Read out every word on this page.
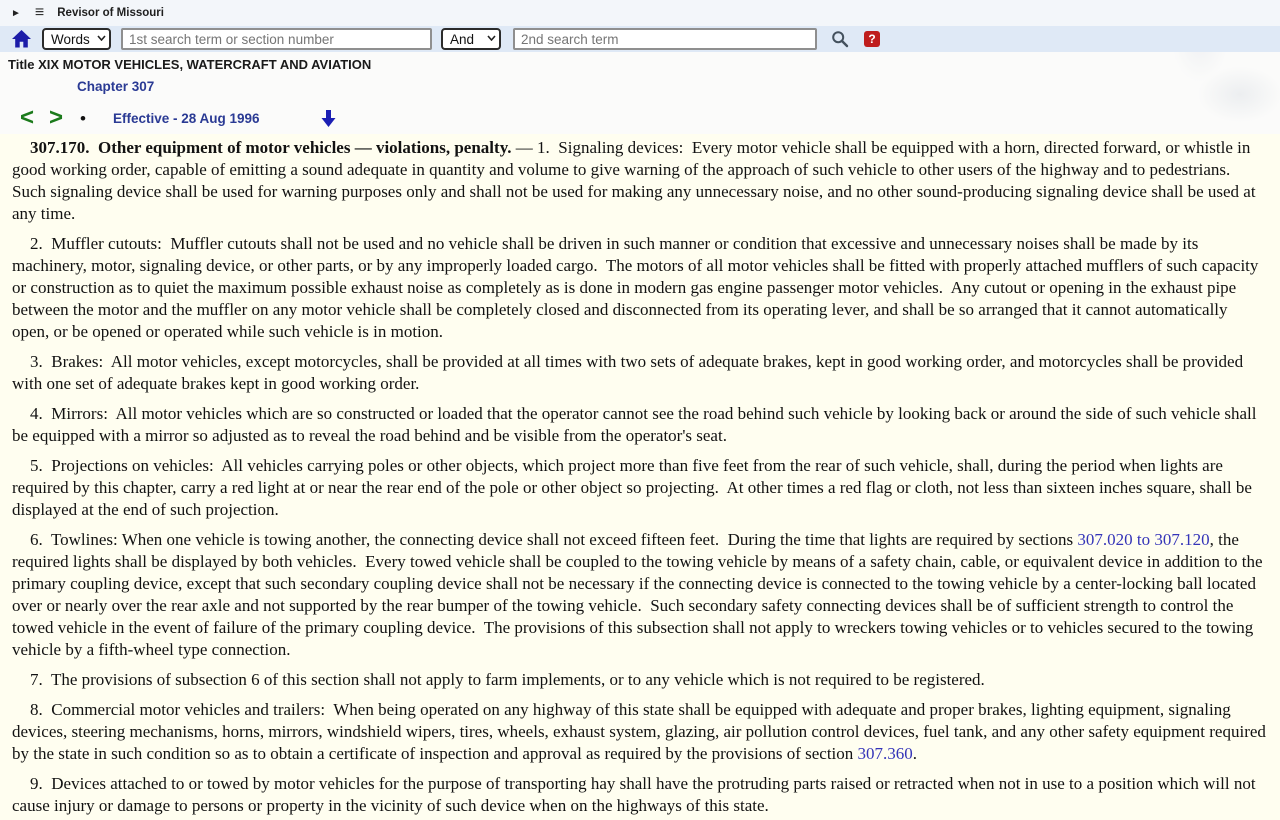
► ≡ Revisor of Missouri
Words
1st search term or section number
And
2nd search term
?
Title XIX MOTOR VEHICLES, WATERCRAFT AND AVIATION
Chapter 307
< > • Effective - 28 Aug 1996

307.170.  Other equipment of motor vehicles — violations, penalty. — 1.  Signaling devices:  Every motor vehicle shall be equipped with a horn, directed forward, or whistle in good working order, capable of emitting a sound adequate in quantity and volume to give warning of the approach of such vehicle to other users of the highway and to pedestrians.  Such signaling device shall be used for warning purposes only and shall not be used for making any unnecessary noise, and no other sound-producing signaling device shall be used at any time.

2.  Muffler cutouts:  Muffler cutouts shall not be used and no vehicle shall be driven in such manner or condition that excessive and unnecessary noises shall be made by its machinery, motor, signaling device, or other parts, or by any improperly loaded cargo.  The motors of all motor vehicles shall be fitted with properly attached mufflers of such capacity or construction as to quiet the maximum possible exhaust noise as completely as is done in modern gas engine passenger motor vehicles.  Any cutout or opening in the exhaust pipe between the motor and the muffler on any motor vehicle shall be completely closed and disconnected from its operating lever, and shall be so arranged that it cannot automatically open, or be opened or operated while such vehicle is in motion.

3.  Brakes:  All motor vehicles, except motorcycles, shall be provided at all times with two sets of adequate brakes, kept in good working order, and motorcycles shall be provided with one set of adequate brakes kept in good working order.

4.  Mirrors:  All motor vehicles which are so constructed or loaded that the operator cannot see the road behind such vehicle by looking back or around the side of such vehicle shall be equipped with a mirror so adjusted as to reveal the road behind and be visible from the operator's seat.

5.  Projections on vehicles:  All vehicles carrying poles or other objects, which project more than five feet from the rear of such vehicle, shall, during the period when lights are required by this chapter, carry a red light at or near the rear end of the pole or other object so projecting.  At other times a red flag or cloth, not less than sixteen inches square, shall be displayed at the end of such projection.

6.  Towlines: When one vehicle is towing another, the connecting device shall not exceed fifteen feet.  During the time that lights are required by sections 307.020 to 307.120, the required lights shall be displayed by both vehicles.  Every towed vehicle shall be coupled to the towing vehicle by means of a safety chain, cable, or equivalent device in addition to the primary coupling device, except that such secondary coupling device shall not be necessary if the connecting device is connected to the towing vehicle by a center-locking ball located over or nearly over the rear axle and not supported by the rear bumper of the towing vehicle.  Such secondary safety connecting devices shall be of sufficient strength to control the towed vehicle in the event of failure of the primary coupling device.  The provisions of this subsection shall not apply to wreckers towing vehicles or to vehicles secured to the towing vehicle by a fifth-wheel type connection.

7.  The provisions of subsection 6 of this section shall not apply to farm implements, or to any vehicle which is not required to be registered.

8.  Commercial motor vehicles and trailers:  When being operated on any highway of this state shall be equipped with adequate and proper brakes, lighting equipment, signaling devices, steering mechanisms, horns, mirrors, windshield wipers, tires, wheels, exhaust system, glazing, air pollution control devices, fuel tank, and any other safety equipment required by the state in such condition so as to obtain a certificate of inspection and approval as required by the provisions of section 307.360.

9.  Devices attached to or towed by motor vehicles for the purpose of transporting hay shall have the protruding parts raised or retracted when not in use to a position which will not cause injury or damage to persons or property in the vicinity of such device when on the highways of this state.
